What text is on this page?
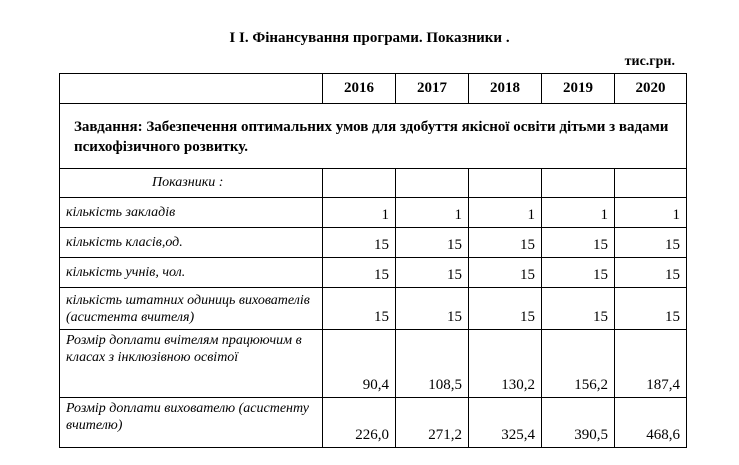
І І. Фінансування програми. Показники .
тис.грн.
	2016	2017	2018	2019	2020
Завдання: Забезпечення оптимальних умов для здобуття якісної освіти дітьми з вадами психофізичного розвитку.					
Показники :					
кількість закладів	1	1	1	1	1
кількість класів,од.	15	15	15	15	15
кількість учнів, чол.	15	15	15	15	15
кількість штатних одиниць вихователів (асистента вчителя)	15	15	15	15	15
Розмір доплати вчітелям працюючим в класах з інклюзівною освітої	90,4	108,5	130,2	156,2	187,4
Розмір доплати вихователю (асистенту вчителю)	226,0	271,2	325,4	390,5	468,6
